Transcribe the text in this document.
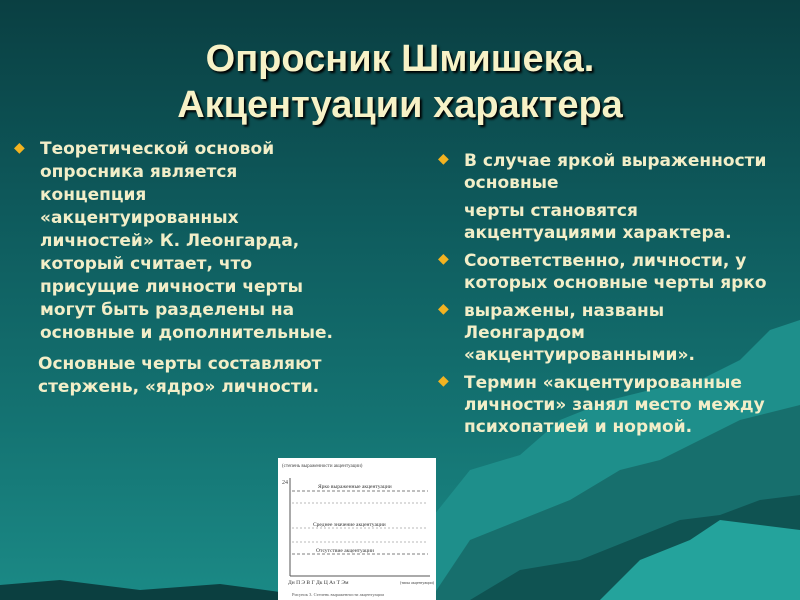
Опросник Шмишека.
Акцентуации характера
◆ Теоретической основой опросника является концепция «акцентуированных личностей» К. Леонгарда, который считает, что присущие личности черты могут быть разделены на основные и дополнительные.
Основные черты составляют стержень, «ядро» личности.
◆ В случае яркой выраженности основные
черты становятся акцентуациями характера.
◆ Соответственно, личности, у которых основные черты ярко
◆ выражены, названы Леонгардом «акцентуированными».
◆ Термин «акцентуированные личности» занял место между психопатией и нормой.
(степень выраженности акцентуации)
24
Ярко выраженные акцентуации
Среднее значение акцентуации
Отсутствие акцентуации
Дн П Э В Г Дк Ц Аз Т Эм	(типы акцентуации)
Рисунок 3. Степень выраженности акцентуации
